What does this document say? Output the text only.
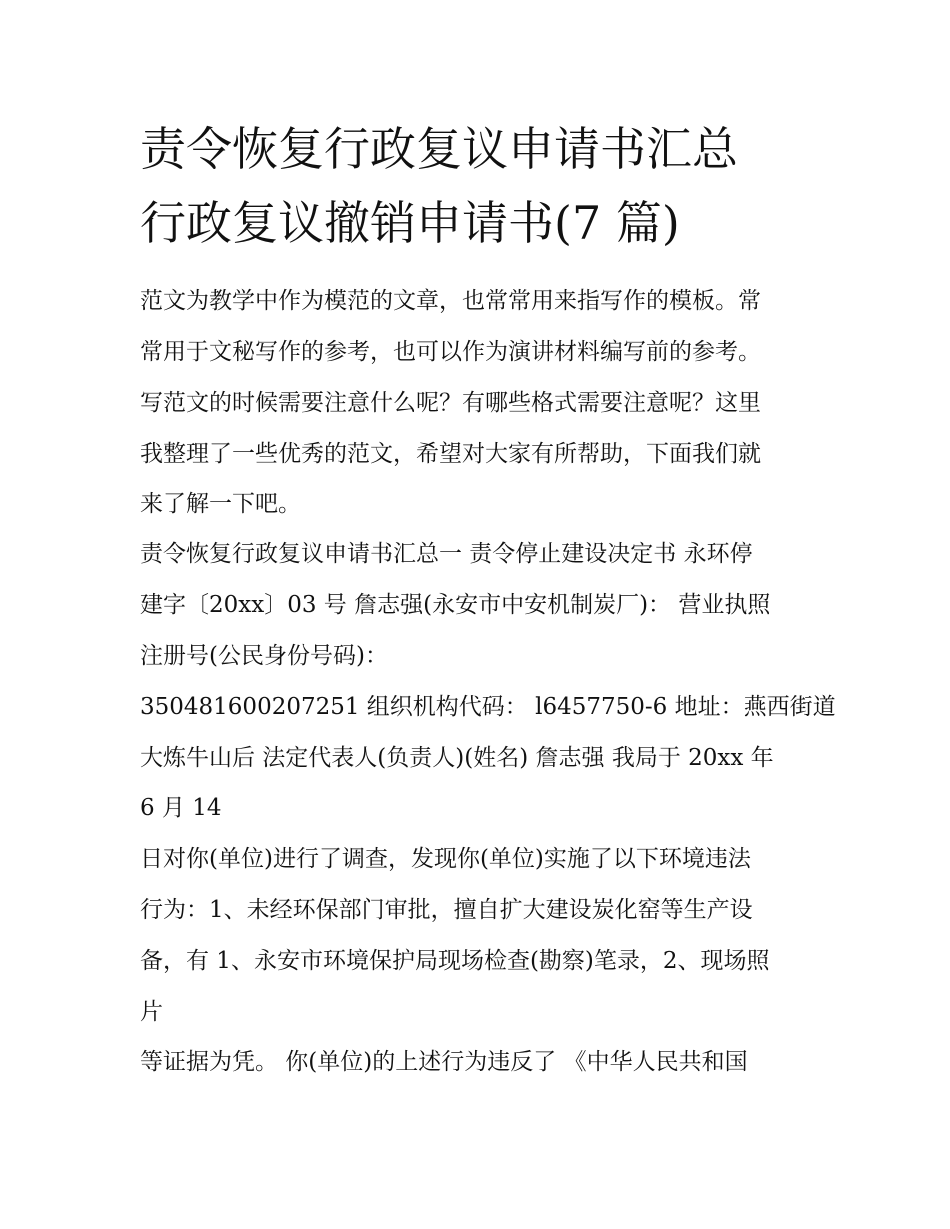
责令恢复行政复议申请书汇总
行政复议撤销申请书(7 篇)
范文为教学中作为模范的文章，也常常用来指写作的模板。常
常用于文秘写作的参考，也可以作为演讲材料编写前的参考。
写范文的时候需要注意什么呢？有哪些格式需要注意呢？这里
我整理了一些优秀的范文，希望对大家有所帮助，下面我们就
来了解一下吧。
责令恢复行政复议申请书汇总一 责令停止建设决定书 永环停
建字〔20xx〕03 号 詹志强(永安市中安机制炭厂)： 营业执照
注册号(公民身份号码)：
350481600207251 组织机构代码： l6457750-6 地址：燕西街道
大炼牛山后 法定代表人(负责人)(姓名) 詹志强 我局于 20xx 年
6 月 14
日对你(单位)进行了调查，发现你(单位)实施了以下环境违法
行为：1、未经环保部门审批，擅自扩大建设炭化窑等生产设
备，有 1、永安市环境保护局现场检查(勘察)笔录，2、现场照
片
等证据为凭。 你(单位)的上述行为违反了 《中华人民共和国
